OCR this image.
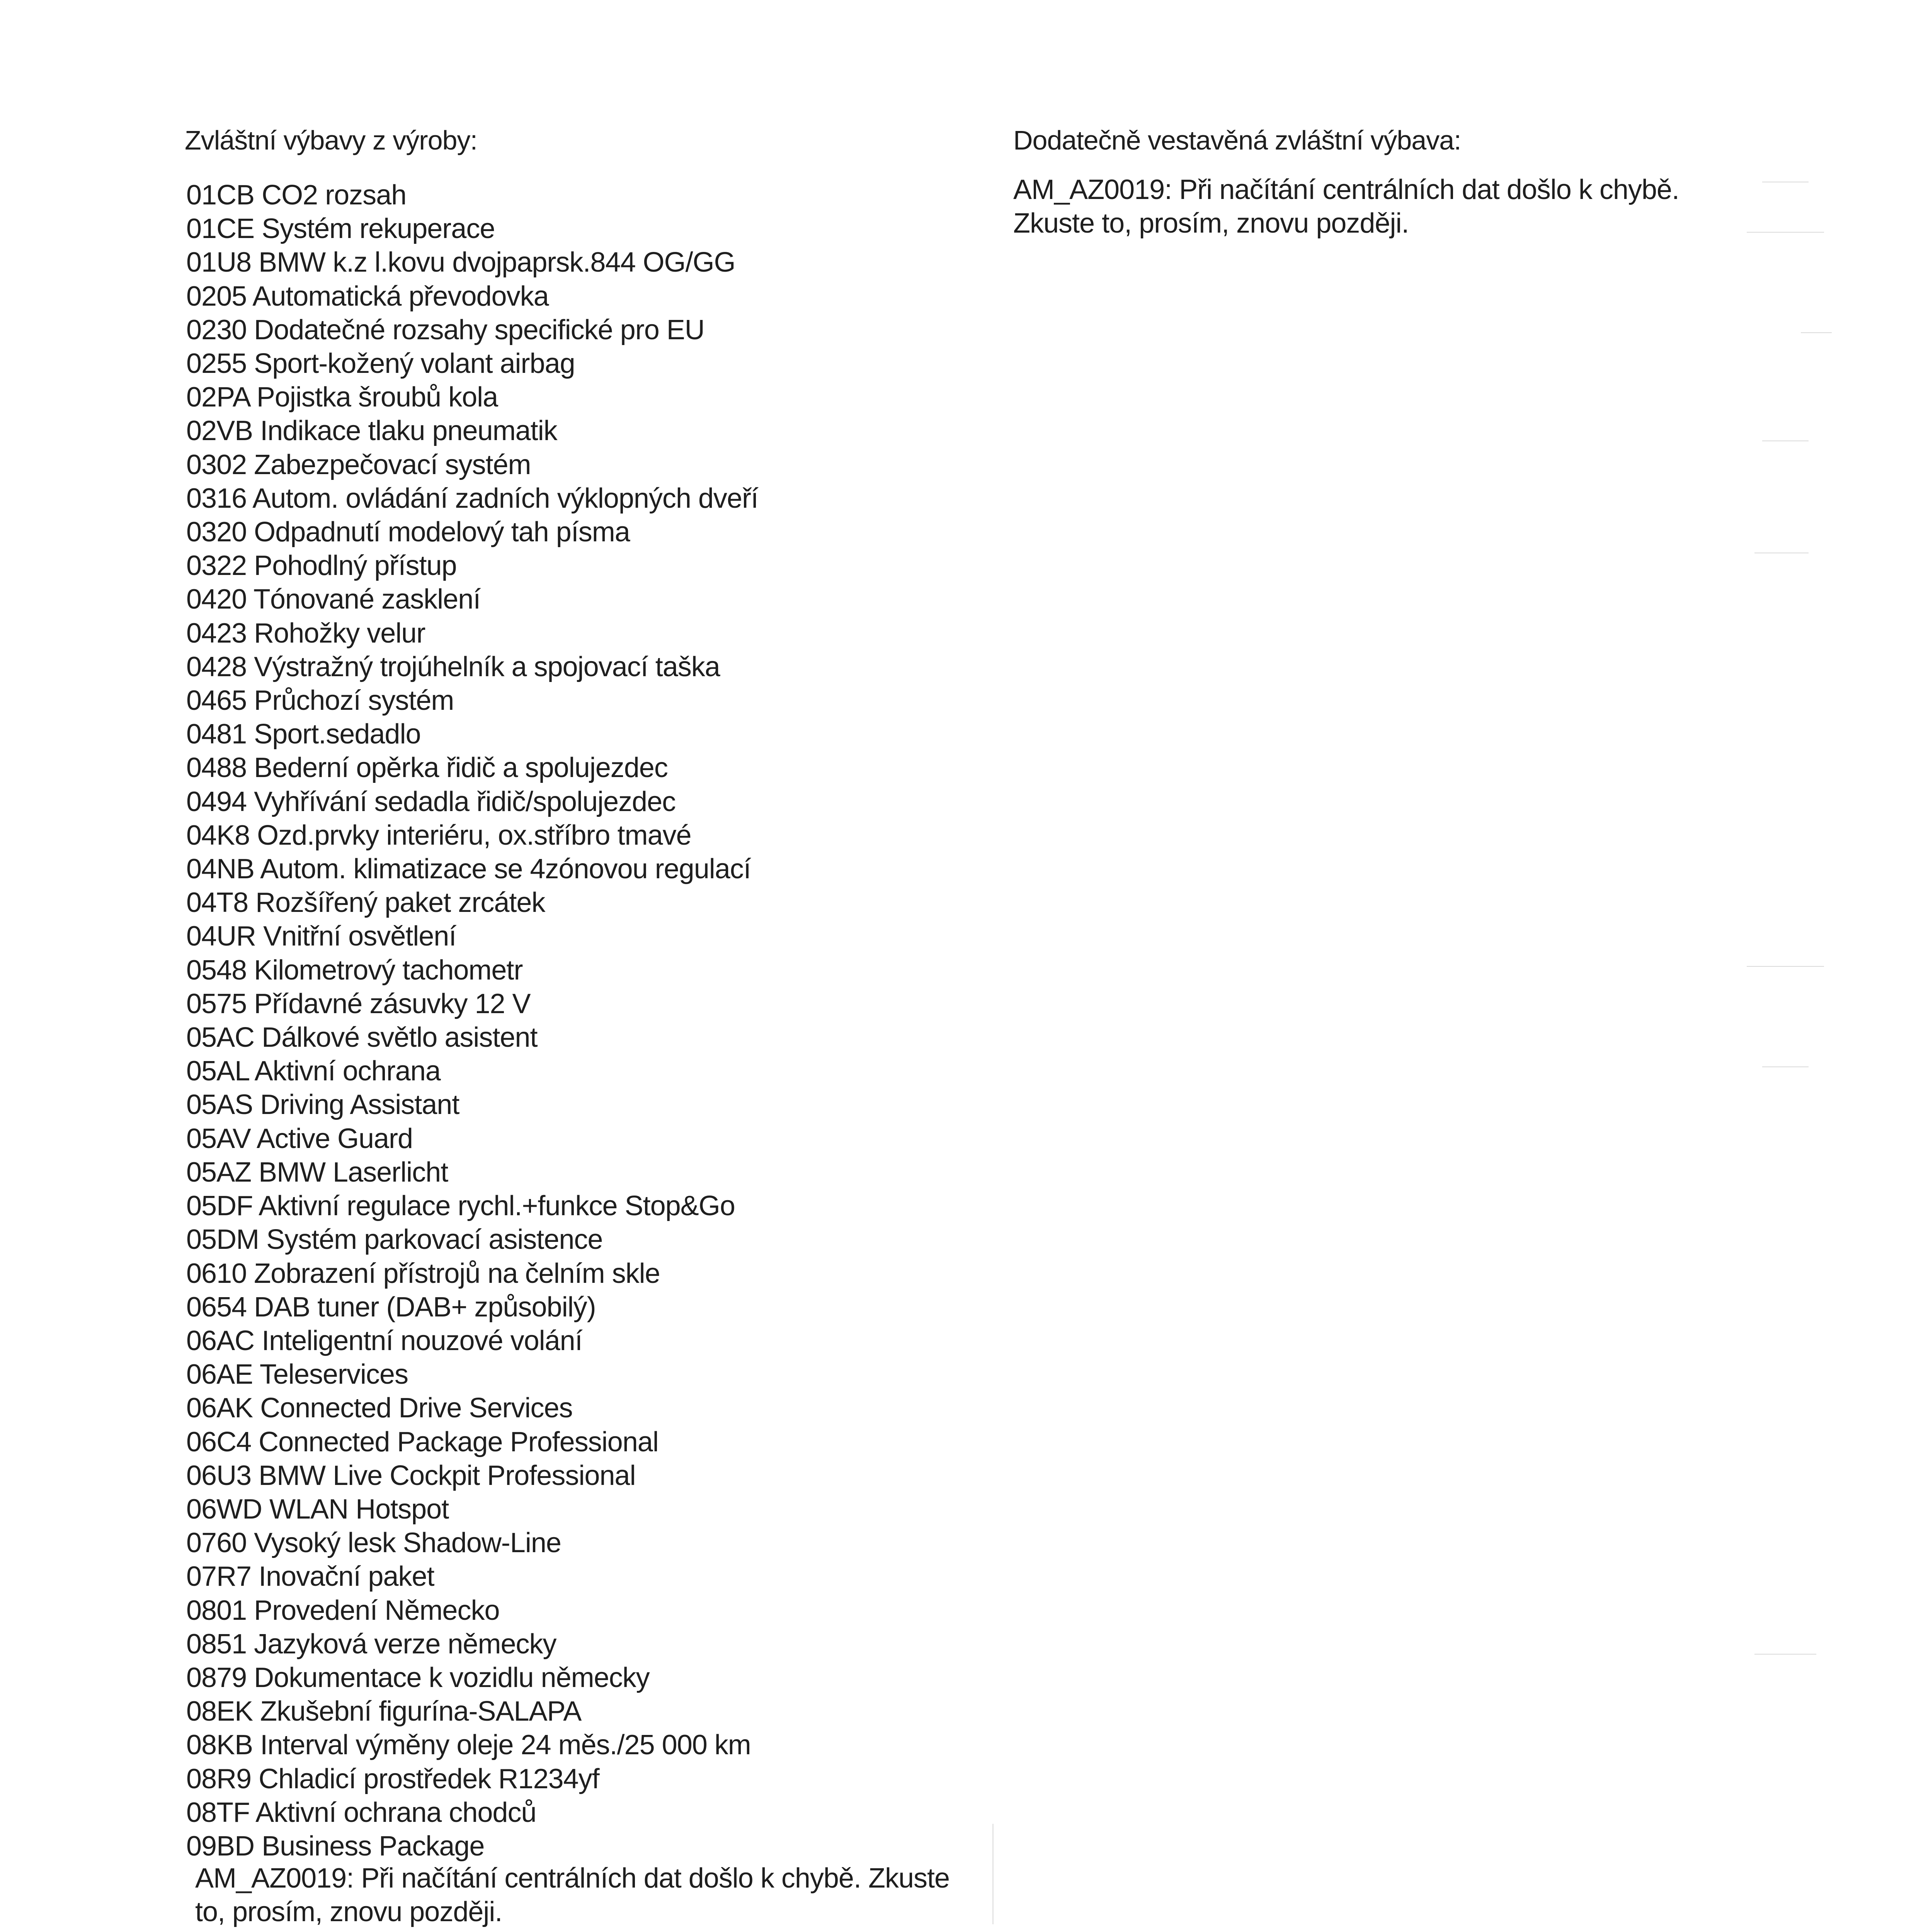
Zvláštní výbavy z výroby:
01CB CO2 rozsah
01CE Systém rekuperace
01U8 BMW k.z l.kovu dvojpaprsk.844 OG/GG
0205 Automatická převodovka
0230 Dodatečné rozsahy specifické pro EU
0255 Sport-kožený volant airbag
02PA Pojistka šroubů kola
02VB Indikace tlaku pneumatik
0302 Zabezpečovací systém
0316 Autom. ovládání zadních výklopných dveří
0320 Odpadnutí modelový tah písma
0322 Pohodlný přístup
0420 Tónované zasklení
0423 Rohožky velur
0428 Výstražný trojúhelník a spojovací taška
0465 Průchozí systém
0481 Sport.sedadlo
0488 Bederní opěrka řidič a spolujezdec
0494 Vyhřívání sedadla řidič/spolujezdec
04K8 Ozd.prvky interiéru, ox.stříbro tmavé
04NB Autom. klimatizace se 4zónovou regulací
04T8 Rozšířený paket zrcátek
04UR Vnitřní osvětlení
0548 Kilometrový tachometr
0575 Přídavné zásuvky 12 V
05AC Dálkové světlo asistent
05AL Aktivní ochrana
05AS Driving Assistant
05AV Active Guard
05AZ BMW Laserlicht
05DF Aktivní regulace rychl.+funkce Stop&Go
05DM Systém parkovací asistence
0610 Zobrazení přístrojů na čelním skle
0654 DAB tuner (DAB+ způsobilý)
06AC Inteligentní nouzové volání
06AE Teleservices
06AK Connected Drive Services
06C4 Connected Package Professional
06U3 BMW Live Cockpit Professional
06WD WLAN Hotspot
0760 Vysoký lesk Shadow-Line
07R7 Inovační paket
0801 Provedení Německo
0851 Jazyková verze německy
0879 Dokumentace k vozidlu německy
08EK Zkušební figurína-SALAPA
08KB Interval výměny oleje 24 měs./25 000 km
08R9 Chladicí prostředek R1234yf
08TF Aktivní ochrana chodců
09BD Business Package
AM_AZ0019: Při načítání centrálních dat došlo k chybě. Zkuste
to, prosím, znovu později.
Dodatečně vestavěná zvláštní výbava:
AM_AZ0019: Při načítání centrálních dat došlo k chybě.
Zkuste to, prosím, znovu později.
